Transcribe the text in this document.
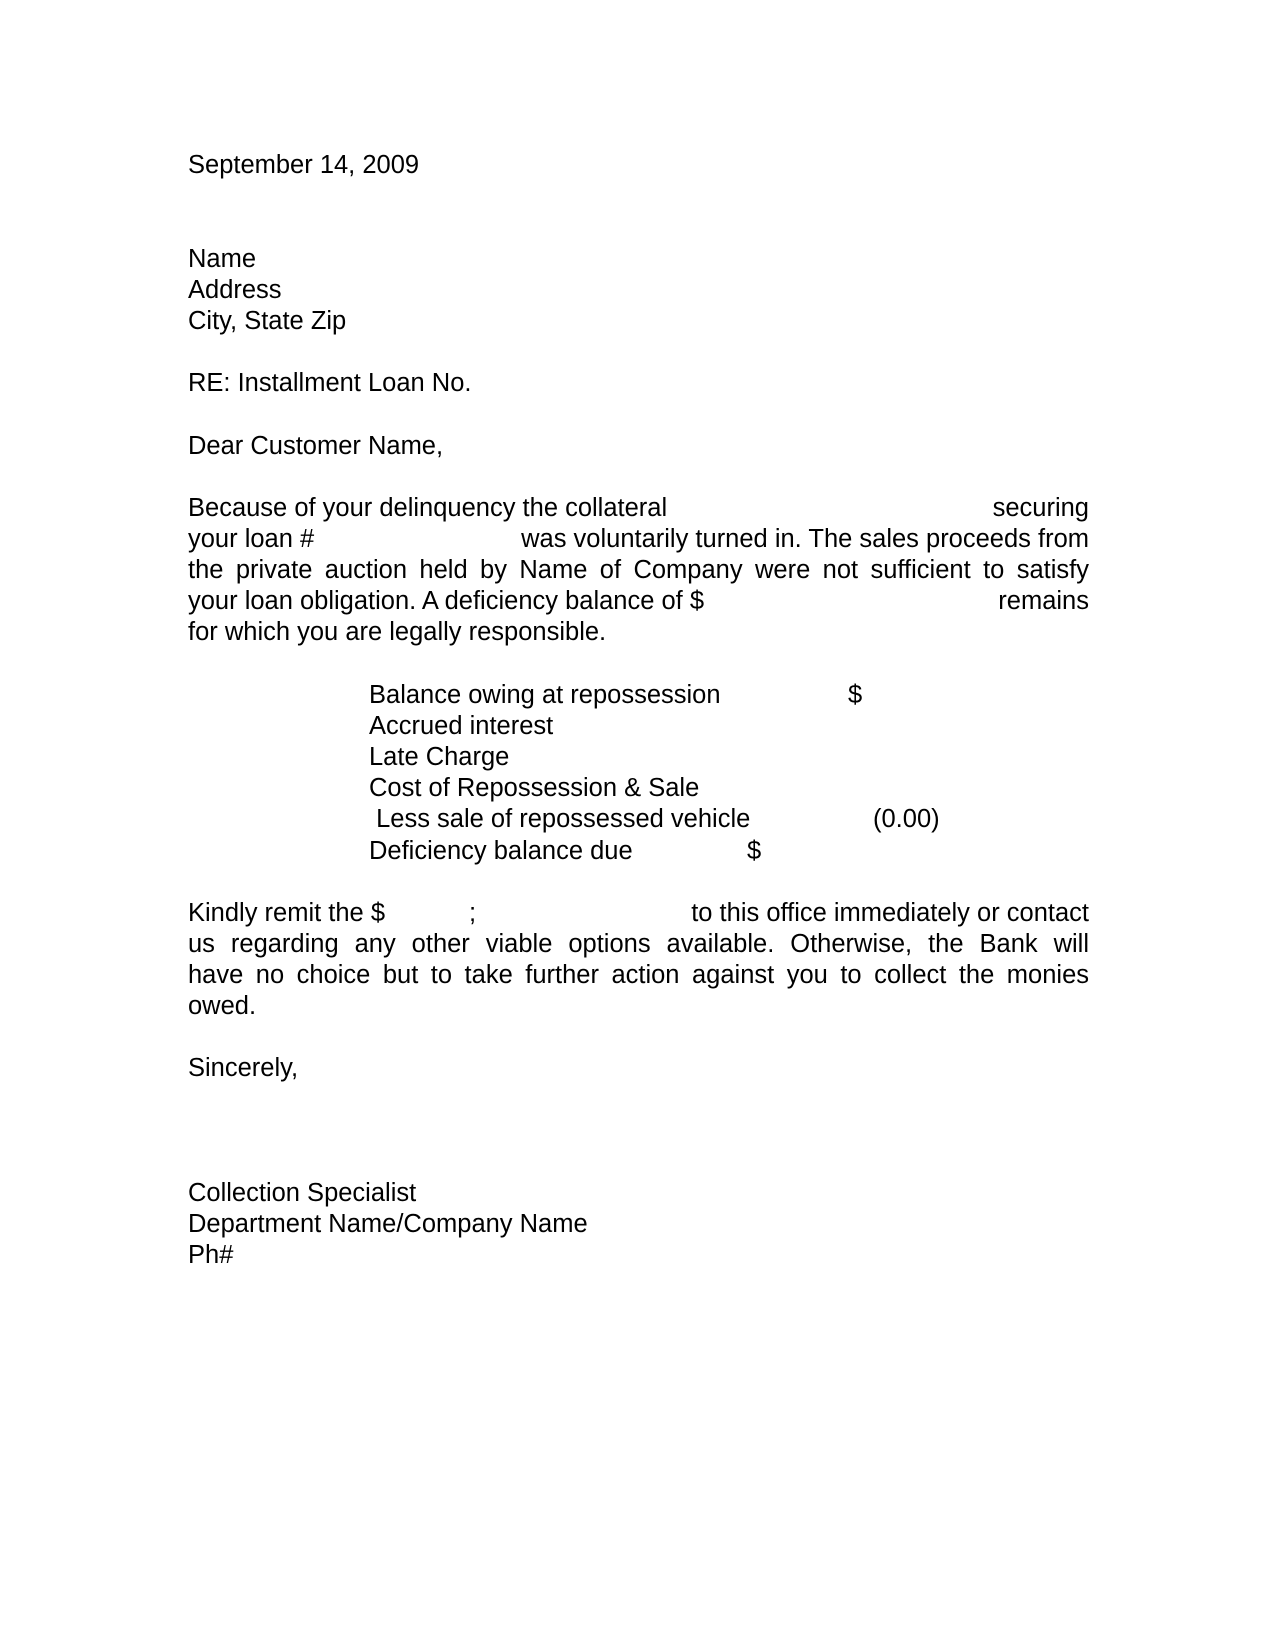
September 14, 2009

Name

Address

City, State Zip

RE: Installment Loan No.

Dear Customer Name,

Because of your delinquency the collateral	securing

your loan #	was voluntarily turned in. The sales proceeds from

the private auction held by Name of Company were not sufficient to satisfy

your loan obligation. A deficiency balance of $	remains

for which you are legally responsible.

Balance owing at repossession	$

Accrued interest

Late Charge

Cost of Repossession & Sale

Less sale of repossessed vehicle	(0.00)

Deficiency balance due	$

Kindly remit the $	;	to this office immediately or contact

us regarding any other viable options available. Otherwise, the Bank will

have no choice but to take further action against you to collect the monies

owed.

Sincerely,

Collection Specialist

Department Name/Company Name

Ph#
